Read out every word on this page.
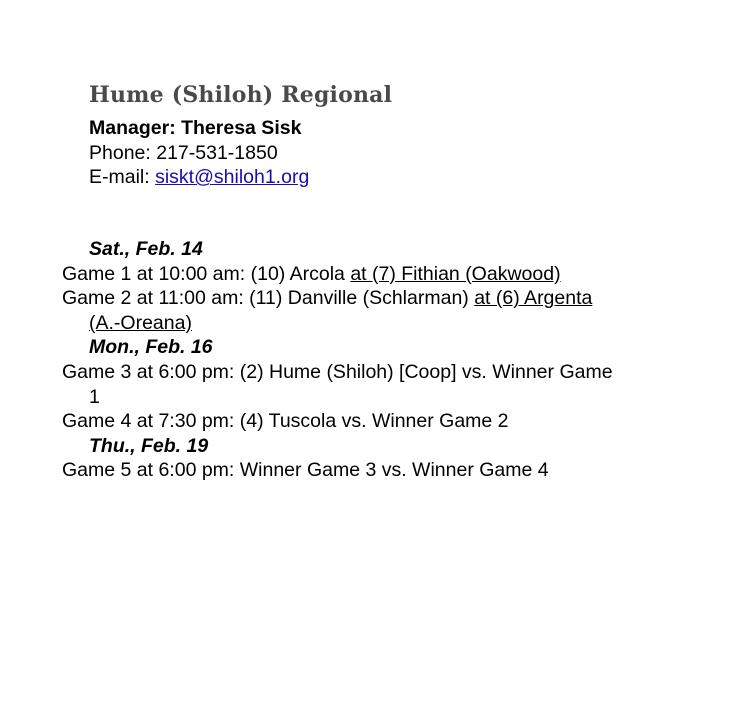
Hume (Shiloh) Regional
Manager: Theresa Sisk
Phone: 217-531-1850
E-mail: siskt@shiloh1.org
Sat., Feb. 14
Game 1 at 10:00 am: (10) Arcola at (7) Fithian (Oakwood)
Game 2 at 11:00 am: (11) Danville (Schlarman) at (6) Argenta
(A.-Oreana)
Mon., Feb. 16
Game 3 at 6:00 pm: (2) Hume (Shiloh) [Coop] vs. Winner Game
1
Game 4 at 7:30 pm: (4) Tuscola vs. Winner Game 2
Thu., Feb. 19
Game 5 at 6:00 pm: Winner Game 3 vs. Winner Game 4
